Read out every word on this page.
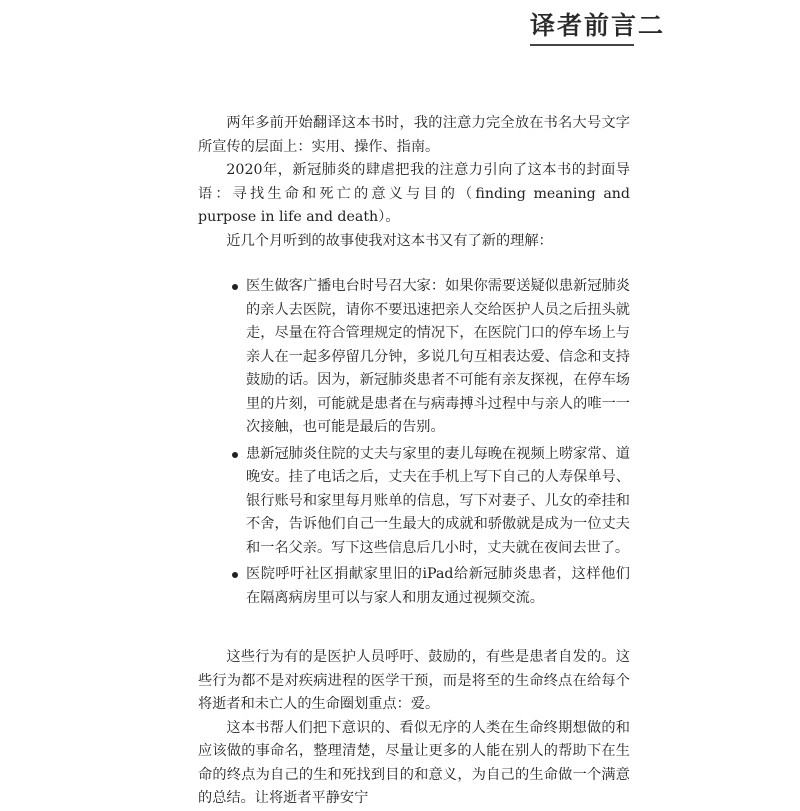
译者前言二

两年多前开始翻译这本书时，我的注意力完全放在书名大号文字所宣传的层面上：实用、操作、指南。

2020年，新冠肺炎的肆虐把我的注意力引向了这本书的封面导语：寻找生命和死亡的意义与目的（finding meaning and purpose in life and death）。

近几个月听到的故事使我对这本书又有了新的理解：

医生做客广播电台时号召大家：如果你需要送疑似患新冠肺炎的亲人去医院，请你不要迅速把亲人交给医护人员之后扭头就走，尽量在符合管理规定的情况下，在医院门口的停车场上与亲人在一起多停留几分钟，多说几句互相表达爱、信念和支持鼓励的话。因为，新冠肺炎患者不可能有亲友探视，在停车场里的片刻，可能就是患者在与病毒搏斗过程中与亲人的唯一一次接触，也可能是最后的告别。
患新冠肺炎住院的丈夫与家里的妻儿每晚在视频上唠家常、道晚安。挂了电话之后，丈夫在手机上写下自己的人寿保单号、银行账号和家里每月账单的信息，写下对妻子、儿女的牵挂和不舍，告诉他们自己一生最大的成就和骄傲就是成为一位丈夫和一名父亲。写下这些信息后几小时，丈夫就在夜间去世了。
医院呼吁社区捐献家里旧的iPad给新冠肺炎患者，这样他们在隔离病房里可以与家人和朋友通过视频交流。

这些行为有的是医护人员呼吁、鼓励的，有些是患者自发的。这些行为都不是对疾病进程的医学干预，而是将至的生命终点在给每个将逝者和未亡人的生命圈划重点：爱。

这本书帮人们把下意识的、看似无序的人类在生命终期想做的和应该做的事命名，整理清楚，尽量让更多的人能在别人的帮助下在生命的终点为自己的生和死找到目的和意义，为自己的生命做一个满意的总结。让将逝者平静安宁
